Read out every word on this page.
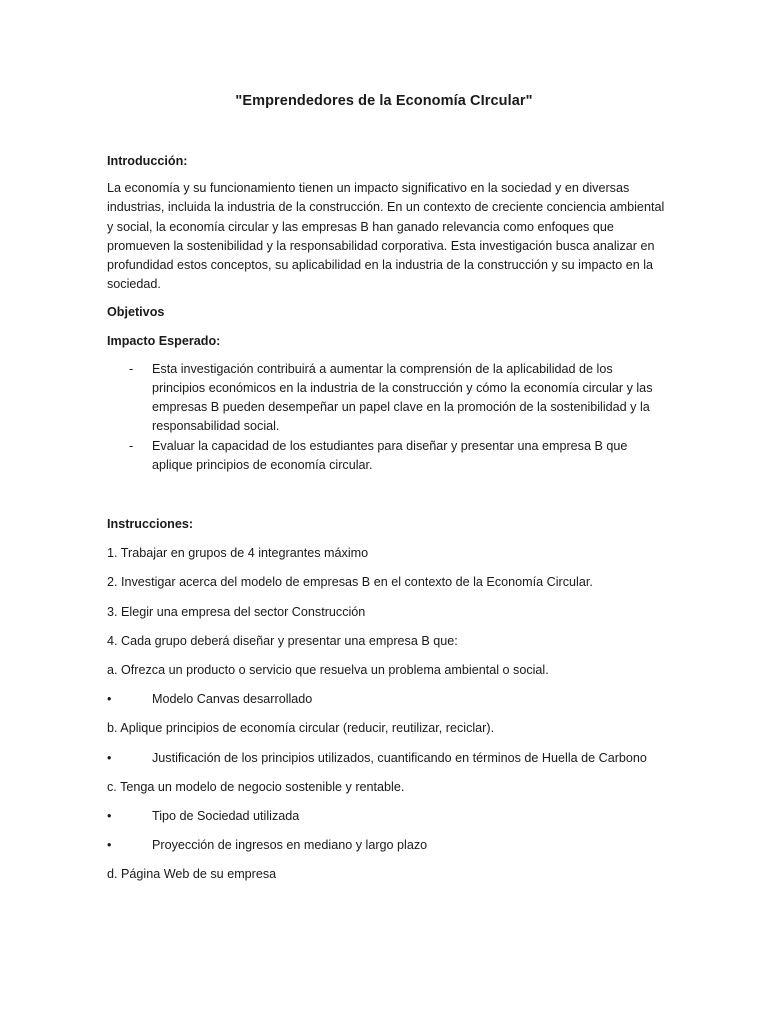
"Emprendedores de la Economía CIrcular"

Introducción:

La economía y su funcionamiento tienen un impacto significativo en la sociedad y en diversas industrias, incluida la industria de la construcción. En un contexto de creciente conciencia ambiental y social, la economía circular y las empresas B han ganado relevancia como enfoques que promueven la sostenibilidad y la responsabilidad corporativa. Esta investigación busca analizar en profundidad estos conceptos, su aplicabilidad en la industria de la construcción y su impacto en la sociedad.

Objetivos

Impacto Esperado:

- Esta investigación contribuirá a aumentar la comprensión de la aplicabilidad de los principios económicos en la industria de la construcción y cómo la economía circular y las empresas B pueden desempeñar un papel clave en la promoción de la sostenibilidad y la responsabilidad social.
- Evaluar la capacidad de los estudiantes para diseñar y presentar una empresa B que aplique principios de economía circular.

Instrucciones:

1. Trabajar en grupos de 4 integrantes máximo

2. Investigar acerca del modelo de empresas B en el contexto de la Economía Circular.

3. Elegir una empresa del sector Construcción

4. Cada grupo deberá diseñar y presentar una empresa B que:

a. Ofrezca un producto o servicio que resuelva un problema ambiental o social.

•	Modelo Canvas desarrollado

b. Aplique principios de economía circular (reducir, reutilizar, reciclar).

•	Justificación de los principios utilizados, cuantificando en términos de Huella de Carbono

c. Tenga un modelo de negocio sostenible y rentable.

•	Tipo de Sociedad utilizada

•	Proyección de ingresos en mediano y largo plazo

d. Página Web de su empresa
